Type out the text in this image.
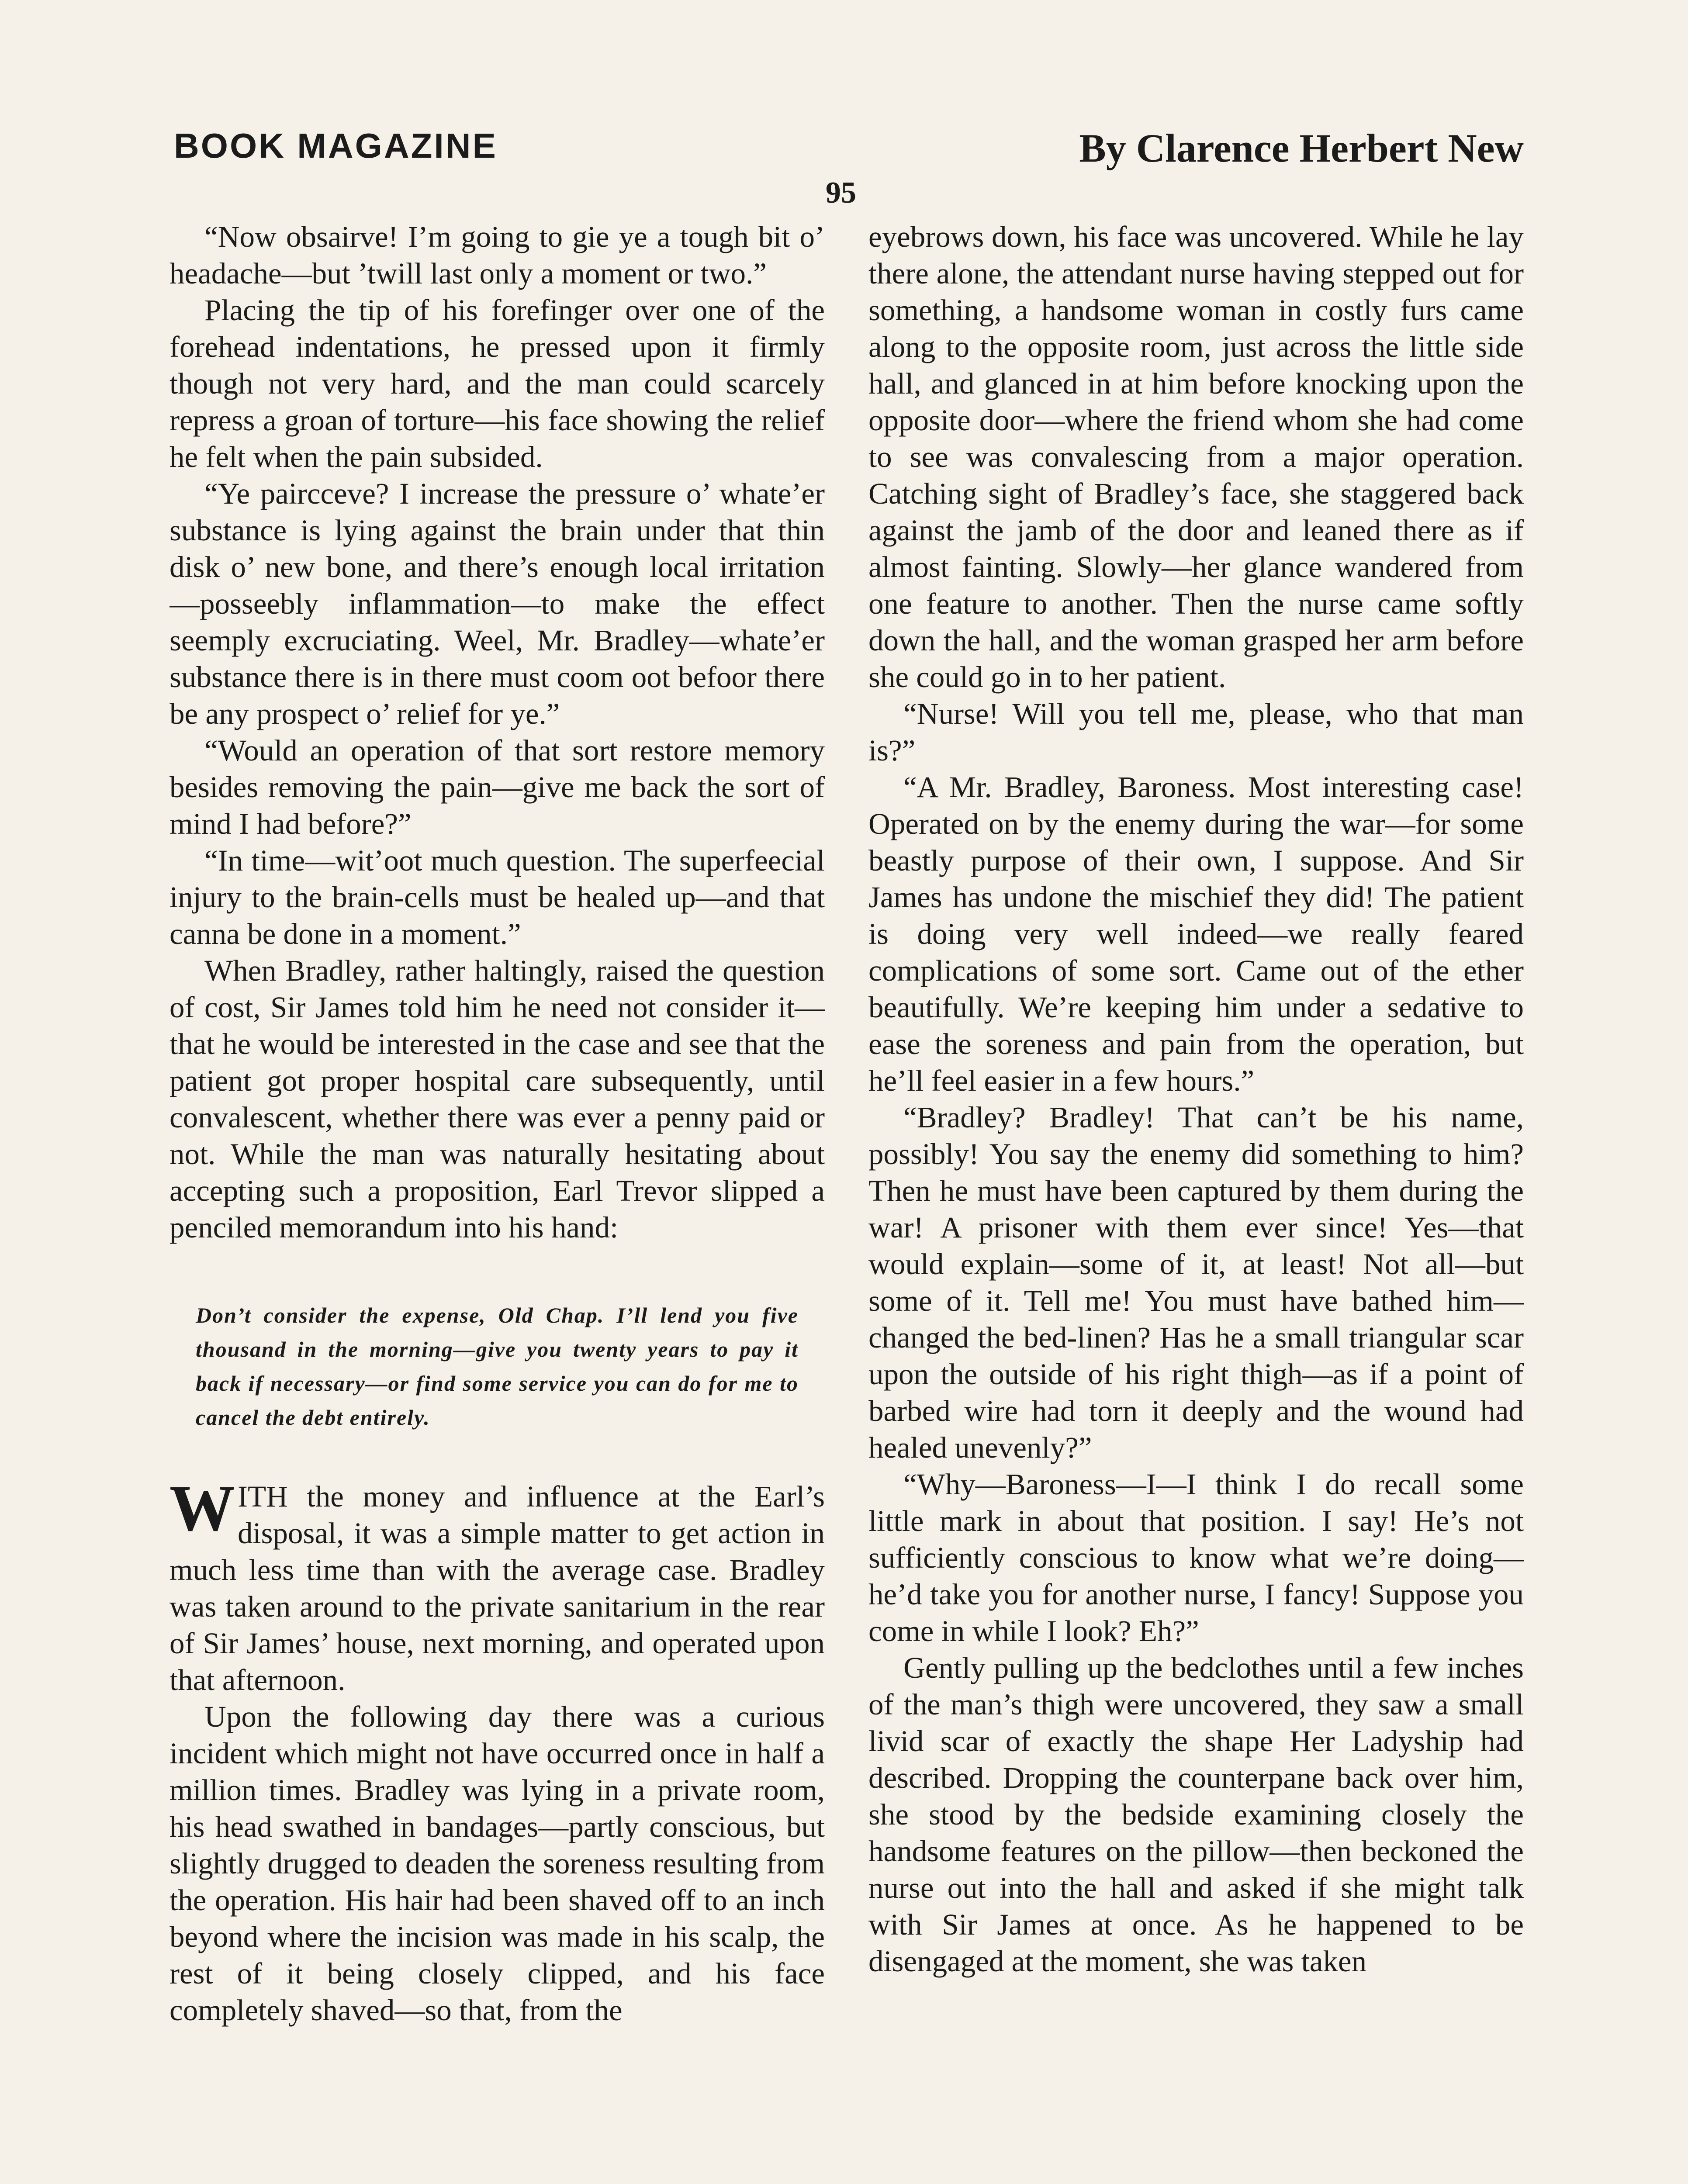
BOOK MAGAZINE	By Clarence Herbert New
95

“Now obsairve! I’m going to gie ye a tough bit o’ headache—but ’twill last only a moment or two.”

Placing the tip of his forefinger over one of the forehead indentations, he pressed upon it firmly though not very hard, and the man could scarcely repress a groan of torture—his face showing the relief he felt when the pain subsided.

“Ye paircceve? I increase the pressure o’ whate’er substance is lying against the brain under that thin disk o’ new bone, and there’s enough local irritation—posseebly inflammation—to make the effect seemply excruciating. Weel, Mr. Bradley—whate’er substance there is in there must coom oot befoor there be any prospect o’ relief for ye.”

“Would an operation of that sort restore memory besides removing the pain—give me back the sort of mind I had before?”

“In time—wit’oot much question. The superfeecial injury to the brain-cells must be healed up—and that canna be done in a moment.”

When Bradley, rather haltingly, raised the question of cost, Sir James told him he need not consider it—that he would be interested in the case and see that the patient got proper hospital care subsequently, until convalescent, whether there was ever a penny paid or not. While the man was naturally hesitating about accepting such a proposition, Earl Trevor slipped a penciled memorandum into his hand:

Don’t consider the expense, Old Chap. I’ll lend you five thousand in the morning—give you twenty years to pay it back if necessary—or find some service you can do for me to cancel the debt entirely.

WITH the money and influence at the Earl’s disposal, it was a simple matter to get action in much less time than with the average case. Bradley was taken around to the private sanitarium in the rear of Sir James’ house, next morning, and operated upon that afternoon.

Upon the following day there was a curious incident which might not have occurred once in half a million times. Bradley was lying in a private room, his head swathed in bandages—partly conscious, but slightly drugged to deaden the soreness resulting from the operation. His hair had been shaved off to an inch beyond where the incision was made in his scalp, the rest of it being closely clipped, and his face completely shaved—so that, from the

eyebrows down, his face was uncovered. While he lay there alone, the attendant nurse having stepped out for something, a handsome woman in costly furs came along to the opposite room, just across the little side hall, and glanced in at him before knocking upon the opposite door—where the friend whom she had come to see was convalescing from a major operation. Catching sight of Bradley’s face, she staggered back against the jamb of the door and leaned there as if almost fainting. Slowly—her glance wandered from one feature to another. Then the nurse came softly down the hall, and the woman grasped her arm before she could go in to her patient.

“Nurse! Will you tell me, please, who that man is?”

“A Mr. Bradley, Baroness. Most interesting case! Operated on by the enemy during the war—for some beastly purpose of their own, I suppose. And Sir James has undone the mischief they did! The patient is doing very well indeed—we really feared complications of some sort. Came out of the ether beautifully. We’re keeping him under a sedative to ease the soreness and pain from the operation, but he’ll feel easier in a few hours.”

“Bradley? Bradley! That can’t be his name, possibly! You say the enemy did something to him? Then he must have been captured by them during the war! A prisoner with them ever since! Yes—that would explain—some of it, at least! Not all—but some of it. Tell me! You must have bathed him—changed the bed-linen? Has he a small triangular scar upon the outside of his right thigh—as if a point of barbed wire had torn it deeply and the wound had healed unevenly?”

“Why—Baroness—I—I think I do recall some little mark in about that position. I say! He’s not sufficiently conscious to know what we’re doing—he’d take you for another nurse, I fancy! Suppose you come in while I look? Eh?”

Gently pulling up the bedclothes until a few inches of the man’s thigh were uncovered, they saw a small livid scar of exactly the shape Her Ladyship had described. Dropping the counterpane back over him, she stood by the bedside examining closely the handsome features on the pillow—then beckoned the nurse out into the hall and asked if she might talk with Sir James at once. As he happened to be disengaged at the moment, she was taken
